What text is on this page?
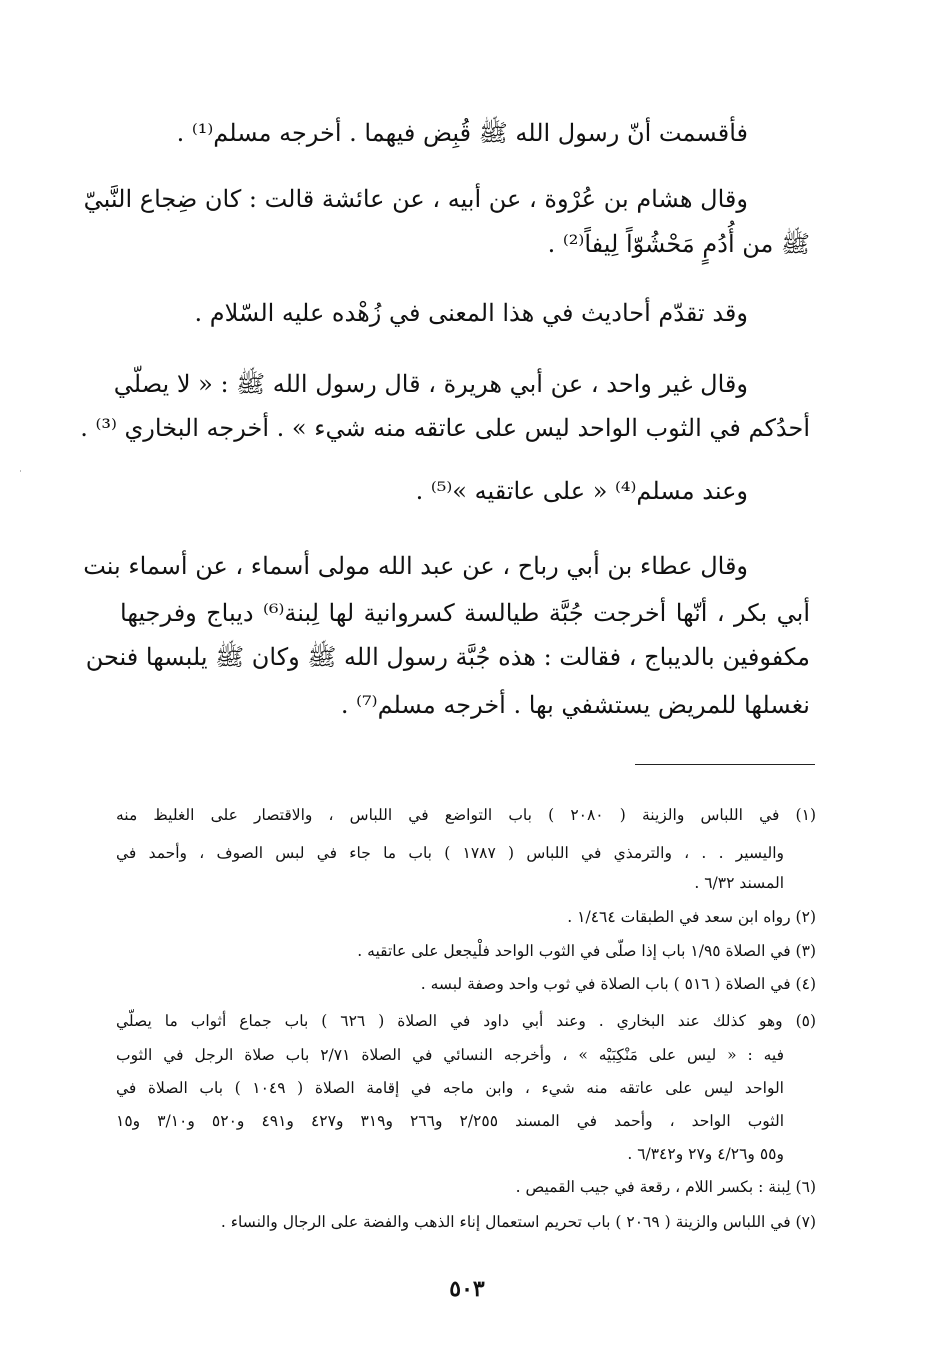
فأقسمت أنّ رسول الله ﷺ قُبِض فيهما . أخرجه مسلم⁽¹⁾ .
وقال هشام بن عُرْوة ، عن أبيه ، عن عائشة قالت : كان ضِجاع النَّبيّ
ﷺ من أُدُمٍ مَحْشُوّاً لِيفاً⁽²⁾ .
وقد تقدّم أحاديث في هذا المعنى في زُهْده عليه السّلام .
وقال غير واحد ، عن أبي هريرة ، قال رسول الله ﷺ : « لا يصلّي
أحدُكم في الثوب الواحد ليس على عاتقه منه شيء » . أخرجه البخاري ⁽³⁾ .
وعند مسلم⁽⁴⁾ « على عاتقيه »⁽⁵⁾ .
وقال عطاء بن أبي رباح ، عن عبد الله مولى أسماء ، عن أسماء بنت
أبي بكر ، أنّها أخرجت جُبَّة طيالسة كسروانية لها لِبنة⁽⁶⁾ ديباج وفرجيها
مكفوفين بالديباج ، فقالت : هذه جُبَّة رسول الله ﷺ وكان ﷺ يلبسها فنحن
نغسلها للمريض يستشفي بها . أخرجه مسلم⁽⁷⁾ .
(١) في اللباس والزينة ( ٢٠٨٠ ) باب التواضع في اللباس ، والاقتصار على الغليظ منه
واليسير . . ، والترمذي في اللباس ( ١٧٨٧ ) باب ما جاء في لبس الصوف ، وأحمد في
المسند ٦/٣٢ .
(٢) رواه ابن سعد في الطبقات ١/٤٦٤ .
(٣) في الصلاة ١/٩٥ باب إذا صلّى في الثوب الواحد فلْيجعل على عاتقيه .
(٤) في الصلاة ( ٥١٦ ) باب الصلاة في ثوب واحد وصفة لبسه .
(٥) وهو كذلك عند البخاري . وعند أبي داود في الصلاة ( ٦٢٦ ) باب جماع أثواب ما يصلّي
فيه : « ليس على مَنْكِبَيْه » ، وأخرجه النسائي في الصلاة ٢/٧١ باب صلاة الرجل في الثوب
الواحد ليس على عاتقه منه شيء ، وابن ماجه في إقامة الصلاة ( ١٠٤٩ ) باب الصلاة في
الثوب الواحد ، وأحمد في المسند ٢/٢٥٥ و٢٦٦ و٣١٩ و٤٢٧ و٤٩١ و٥٢٠ و٣/١٠ و١٥
و٥٥ و٤/٢٦ و٢٧ و٦/٣٤٢ .
(٦) لِبنة : بكسر اللام ، رقعة في جيب القميص .
(٧) في اللباس والزينة ( ٢٠٦٩ ) باب تحريم استعمال إناء الذهب والفضة على الرجال والنساء .
٥٠٣
